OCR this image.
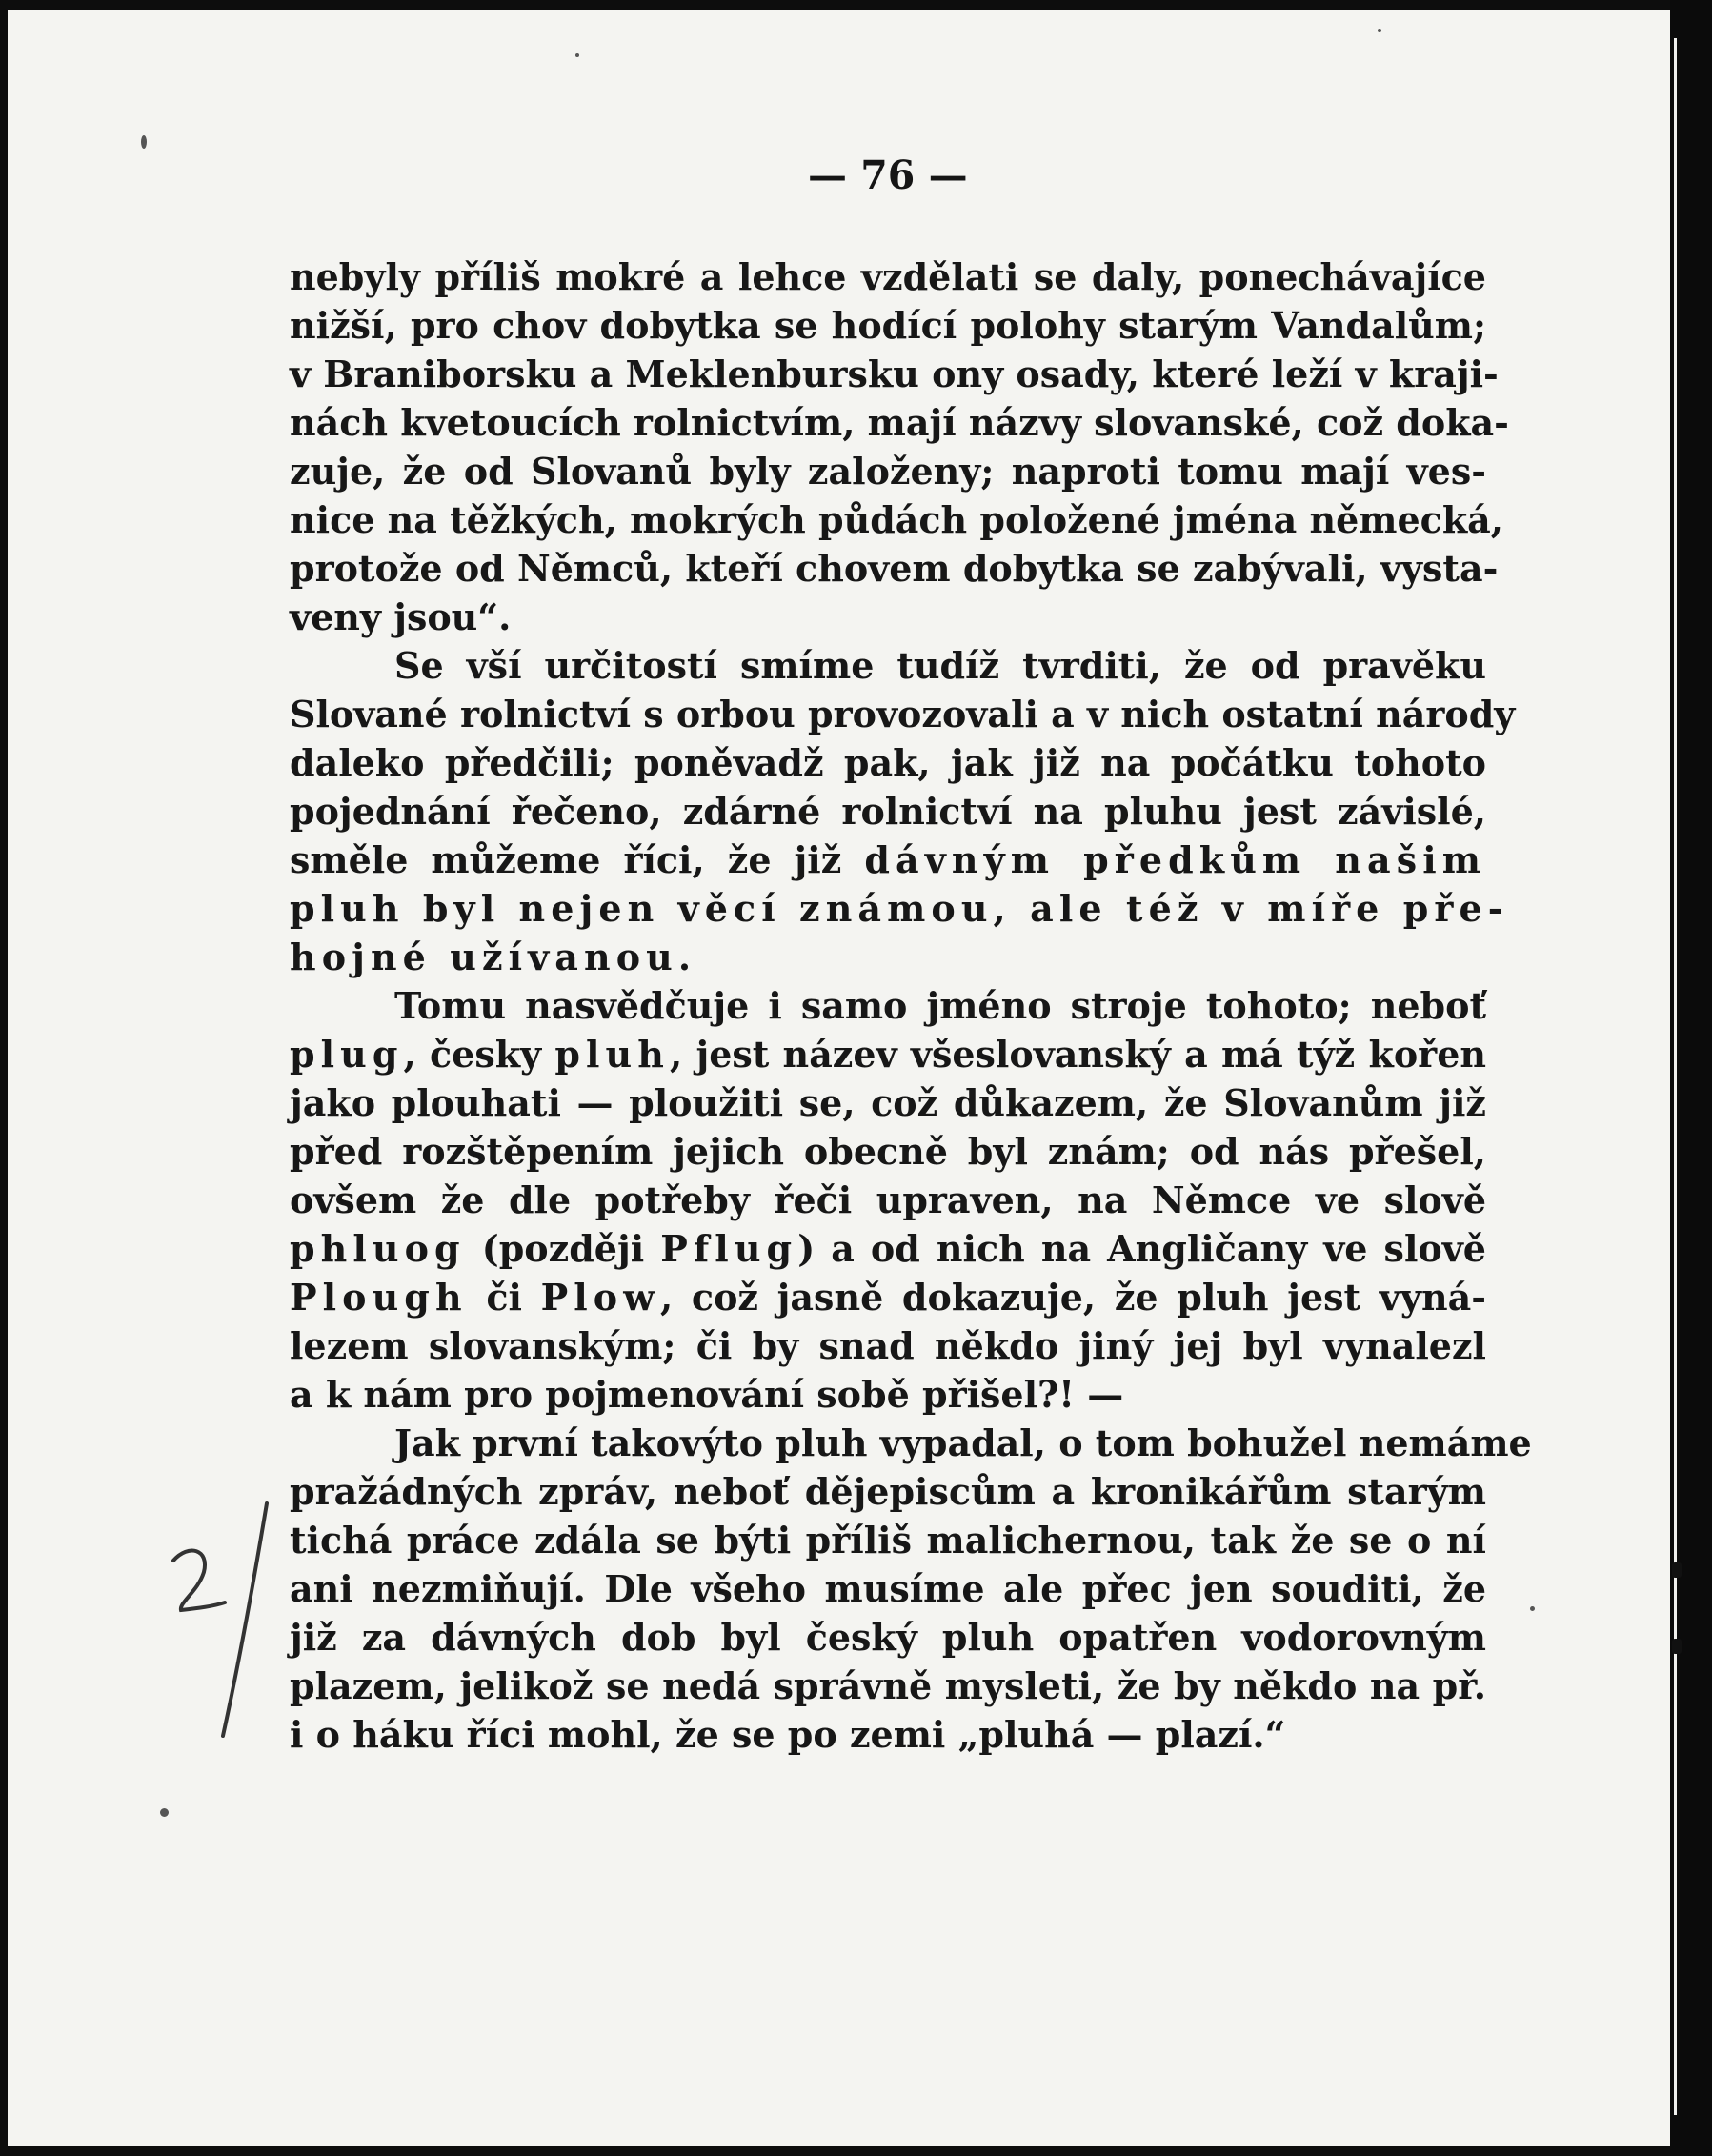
— 76 —
nebyly příliš mokré a lehce vzdělati se daly, ponechávajíce
nižší, pro chov dobytka se hodící polohy starým Vandalům;
v Braniborsku a Meklenbursku ony osady, které leží v kraji-
nách kvetoucích rolnictvím, mají názvy slovanské, což doka-
zuje, že od Slovanů byly založeny; naproti tomu mají ves-
nice na těžkých, mokrých půdách položené jména německá,
protože od Němců, kteří chovem dobytka se zabývali, vysta-
veny jsou“.
Se vší určitostí smíme tudíž tvrditi, že od pravěku
Slované rolnictví s orbou provozovali a v nich ostatní národy
daleko předčili; poněvadž pak, jak již na počátku tohoto
pojednání řečeno, zdárné rolnictví na pluhu jest závislé,
směle můžeme říci, že již dávným předkům našim
pluh byl nejen věcí známou, ale též v míře pře-
hojné užívanou.
Tomu nasvědčuje i samo jméno stroje tohoto; neboť
plug, česky pluh, jest název všeslovanský a má týž kořen
jako plouhati — ploužiti se, což důkazem, že Slovanům již
před rozštěpením jejich obecně byl znám; od nás přešel,
ovšem že dle potřeby řeči upraven, na Němce ve slově
phluog (později Pflug) a od nich na Angličany ve slově
Plough či Plow, což jasně dokazuje, že pluh jest vyná-
lezem slovanským; či by snad někdo jiný jej byl vynalezl
a k nám pro pojmenování sobě přišel?! —
Jak první takovýto pluh vypadal, o tom bohužel nemáme
pražádných zpráv, neboť dějepiscům a kronikářům starým
tichá práce zdála se býti příliš malichernou, tak že se o ní
ani nezmiňují. Dle všeho musíme ale přec jen souditi, že
již za dávných dob byl český pluh opatřen vodorovným
plazem, jelikož se nedá správně mysleti, že by někdo na př.
i o háku říci mohl, že se po zemi „pluhá — plazí.“
